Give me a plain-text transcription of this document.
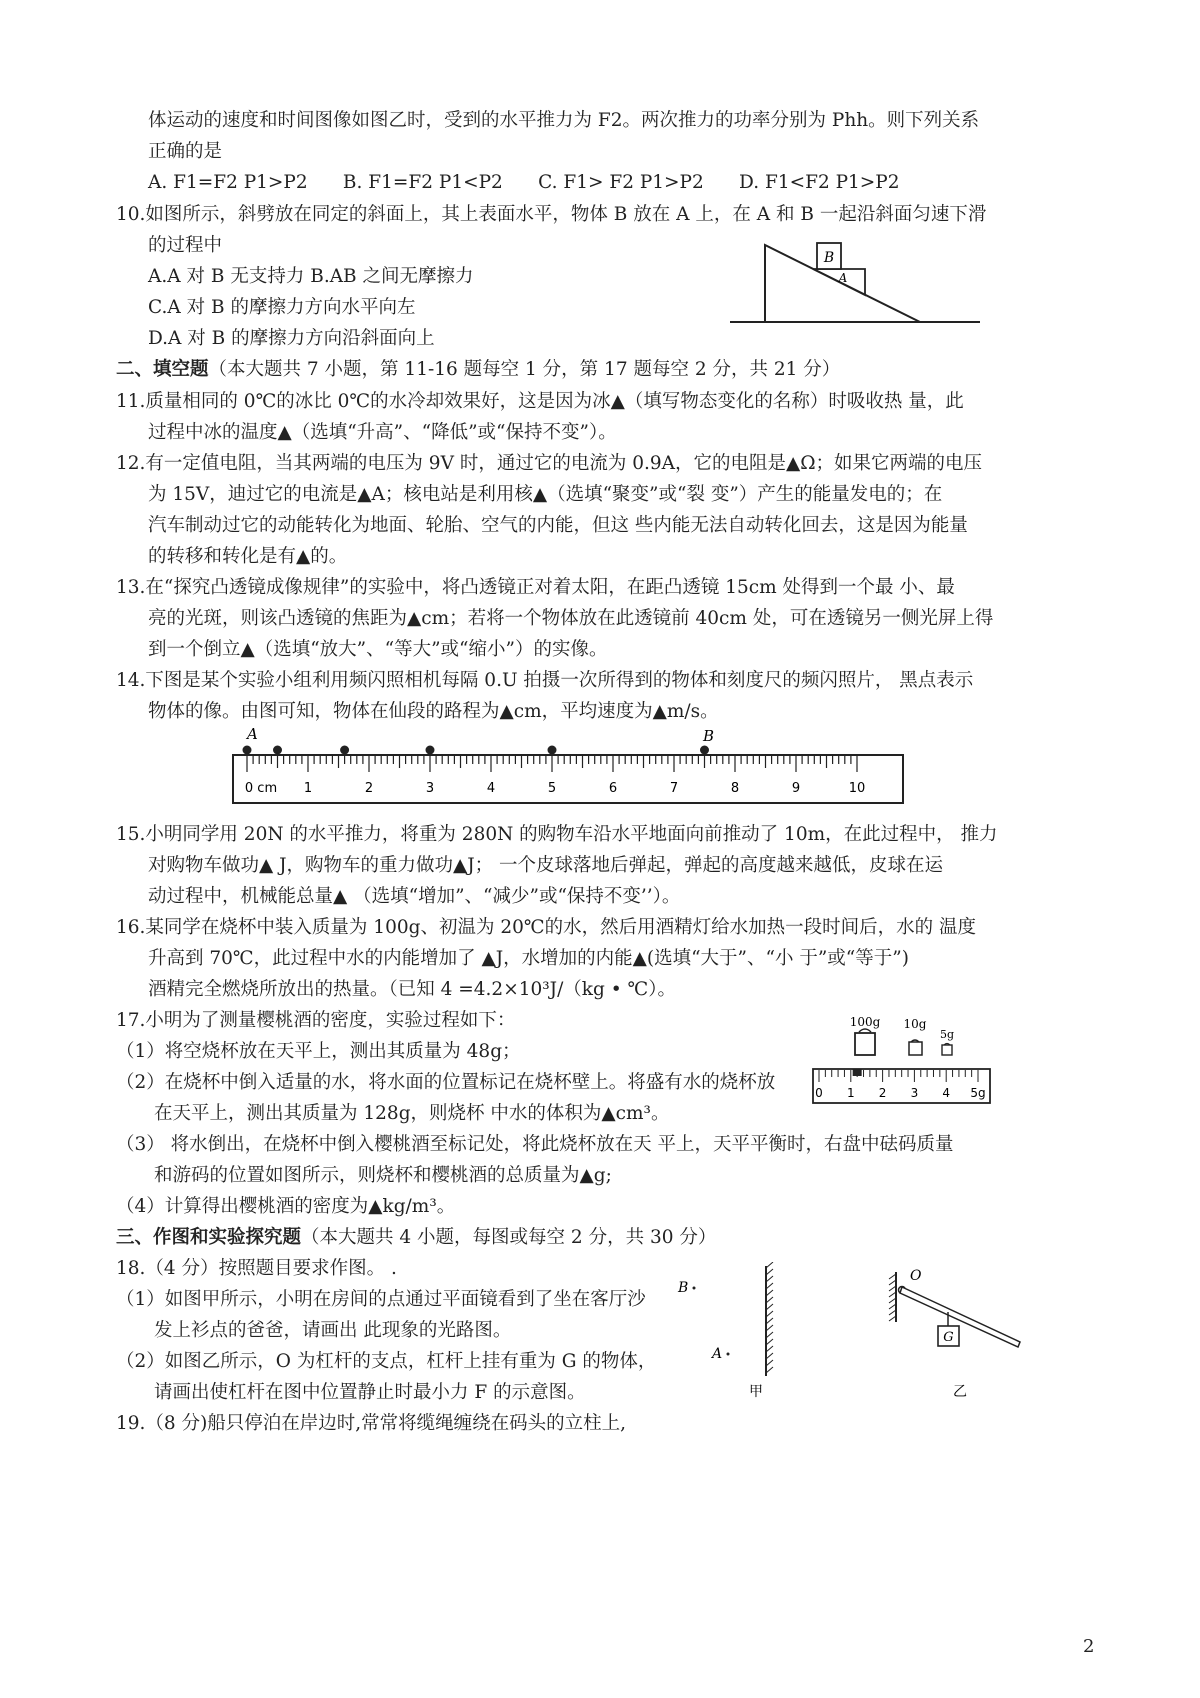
体运动的速度和时间图像如图乙时，受到的水平推力为 F2。两次推力的功率分别为 Phh。则下列关系
正确的是
A. F1=F2 P1>P2      B. F1=F2 P1<P2      C. F1> F2 P1>P2      D. F1<F2 P1>P2
10.如图所示，斜劈放在同定的斜面上，其上表面水平，物体 B 放在 A 上，在 A 和 B 一起沿斜面匀速下滑
的过程中
A.A 对 B 无支持力 B.AB 之间无摩擦力
C.A 对 B 的摩擦力方向水平向左
D.A 对 B 的摩擦力方向沿斜面向上
二、填空题（本大题共 7 小题，第 11-16 题每空 1 分，第 17 题每空 2 分，共 21 分）
11.质量相同的 0℃的冰比 0℃的水冷却效果好，这是因为冰▲（填写物态变化的名称）时吸收热 量，此
过程中冰的温度▲（选填“升高”、“降低”或“保持不变”）。
12.有一定值电阻，当其两端的电压为 9V 时，通过它的电流为 0.9A，它的电阻是▲Ω；如果它两端的电压
为 15V，迪过它的电流是▲A；核电站是利用核▲（选填“聚变”或“裂 变”）产生的能量发电的；在
汽车制动过它的动能转化为地面、轮胎、空气的内能，但这 些内能无法自动转化回去，这是因为能量
的转移和转化是有▲的。
13.在“探究凸透镜成像规律”的实验中，将凸透镜正对着太阳，在距凸透镜 15cm 处得到一个最 小、最
亮的光斑，则该凸透镜的焦距为▲cm；若将一个物体放在此透镜前 40cm 处，可在透镜另一侧光屏上得
到一个倒立▲（选填“放大”、“等大”或“缩小”）的实像。
14.下图是某个实验小组利用频闪照相机每隔 0.U 拍摄一次所得到的物体和刻度尺的频闪照片， 黑点表示
物体的像。由图可知，物体在仙段的路程为▲cm，平均速度为▲m/s。
15.小明同学用 20N 的水平推力，将重为 280N 的购物车沿水平地面向前推动了 10m，在此过程中， 推力
对购物车做功▲ J，购物车的重力做功▲J； 一个皮球落地后弹起，弹起的高度越来越低，皮球在运
动过程中，机械能总量▲ （选填“增加”、“减少”或“保持不变’’）。
16.某同学在烧杯中装入质量为 100g、初温为 20℃的水，然后用酒精灯给水加热一段时间后，水的 温度
升高到 70℃，此过程中水的内能增加了 ▲J，水增加的内能▲(选填“大于”、“小 于”或“等于”)
酒精完全燃烧所放出的热量。（已知 4 =4.2×10³J/（kg • ℃）。
17.小明为了测量樱桃酒的密度，实验过程如下：
（1）将空烧杯放在天平上，测出其质量为 48g；
（2）在烧杯中倒入适量的水，将水面的位置标记在烧杯壁上。将盛有水的烧杯放
在天平上，测出其质量为 128g，则烧杯 中水的体积为▲cm³。
（3） 将水倒出，在烧杯中倒入樱桃酒至标记处，将此烧杯放在天 平上，天平平衡时，右盘中砝码质量
和游码的位置如图所示，则烧杯和樱桃酒的总质量为▲g;
（4）计算得出樱桃酒的密度为▲kg/m³。
三、作图和实验探究题（本大题共 4 小题，每图或每空 2 分，共 30 分）
18.（4 分）按照题目要求作图。 .
（1）如图甲所示，小明在房间的点通过平面镜看到了坐在客厅沙
发上衫点的爸爸，请画出 此现象的光路图。
（2）如图乙所示，O 为杠杆的支点，杠杆上挂有重为 G 的物体，
请画出使杠杆在图中位置静止时最小力 F 的示意图。
19.（8 分)船只停泊在岸边时,常常将缆绳缠绕在码头的立柱上,
B
A
A	B
0 cm 1	2	3	4	5	6	7	8	9	10
100g 10g
5g
0 1 2 3 4 5g
B
A
甲
O
G
乙
2
